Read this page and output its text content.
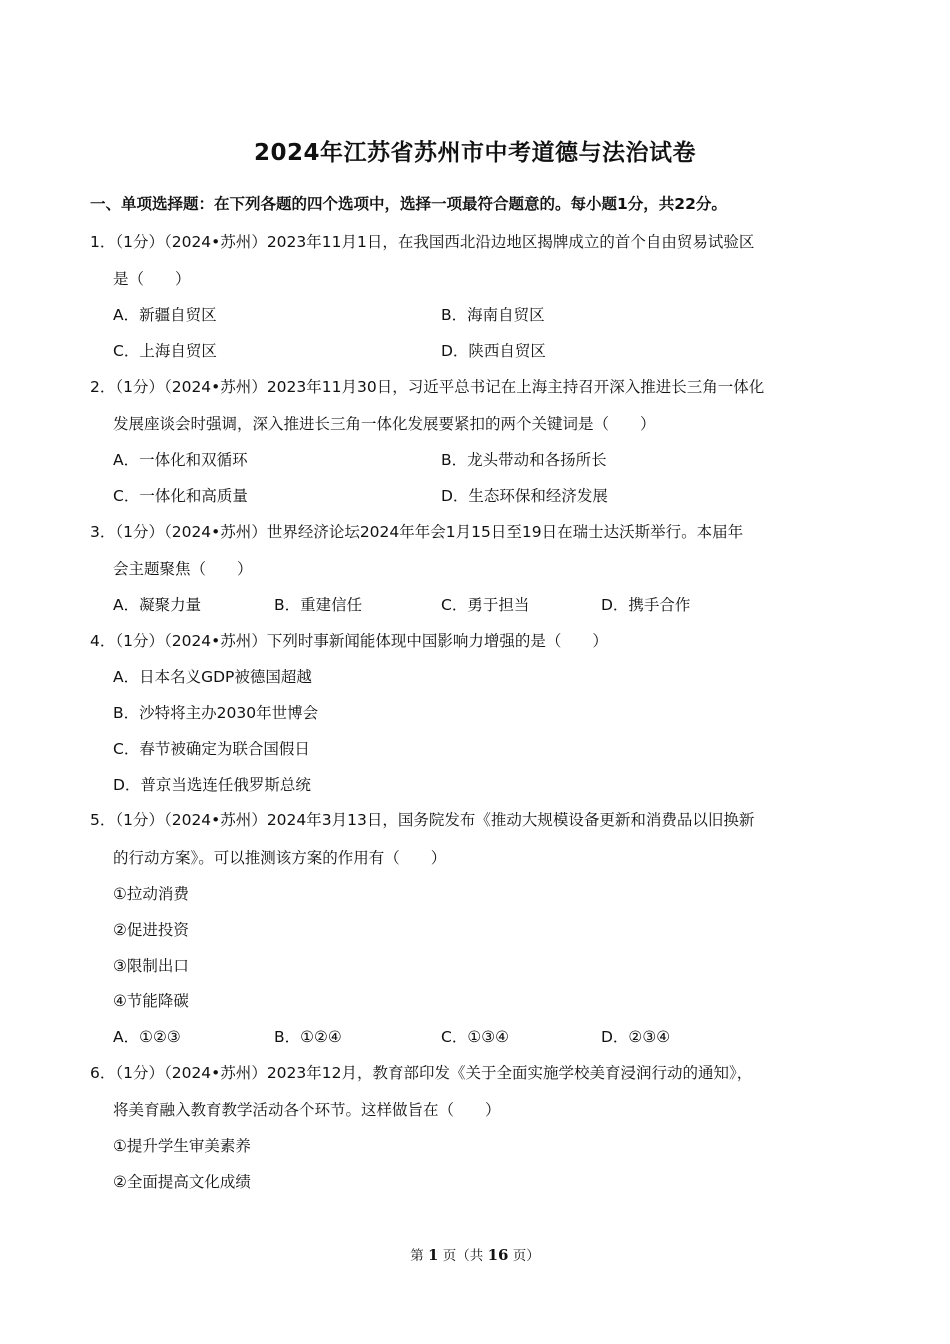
2024年江苏省苏州市中考道德与法治试卷
一、单项选择题：在下列各题的四个选项中，选择一项最符合题意的。每小题1分，共22分。
1．（1分）（2024•苏州）2023年11月1日，在我国西北沿边地区揭牌成立的首个自由贸易试验区
是（　　）
A．新疆自贸区	B．海南自贸区
C．上海自贸区	D．陕西自贸区
2．（1分）（2024•苏州）2023年11月30日，习近平总书记在上海主持召开深入推进长三角一体化
发展座谈会时强调，深入推进长三角一体化发展要紧扣的两个关键词是（　　）
A．一体化和双循环	B．龙头带动和各扬所长
C．一体化和高质量	D．生态环保和经济发展
3．（1分）（2024•苏州）世界经济论坛2024年年会1月15日至19日在瑞士达沃斯举行。本届年
会主题聚焦（　　）
A．凝聚力量	B．重建信任	C．勇于担当	D．携手合作
4．（1分）（2024•苏州）下列时事新闻能体现中国影响力增强的是（　　）
A．日本名义GDP被德国超越
B．沙特将主办2030年世博会
C．春节被确定为联合国假日
D．普京当选连任俄罗斯总统
5．（1分）（2024•苏州）2024年3月13日，国务院发布《推动大规模设备更新和消费品以旧换新
的行动方案》。可以推测该方案的作用有（　　）
①拉动消费
②促进投资
③限制出口
④节能降碳
A．①②③	B．①②④	C．①③④	D．②③④
6．（1分）（2024•苏州）2023年12月，教育部印发《关于全面实施学校美育浸润行动的通知》，
将美育融入教育教学活动各个环节。这样做旨在（　　）
①提升学生审美素养
②全面提高文化成绩
第 1 页（共 16 页）
